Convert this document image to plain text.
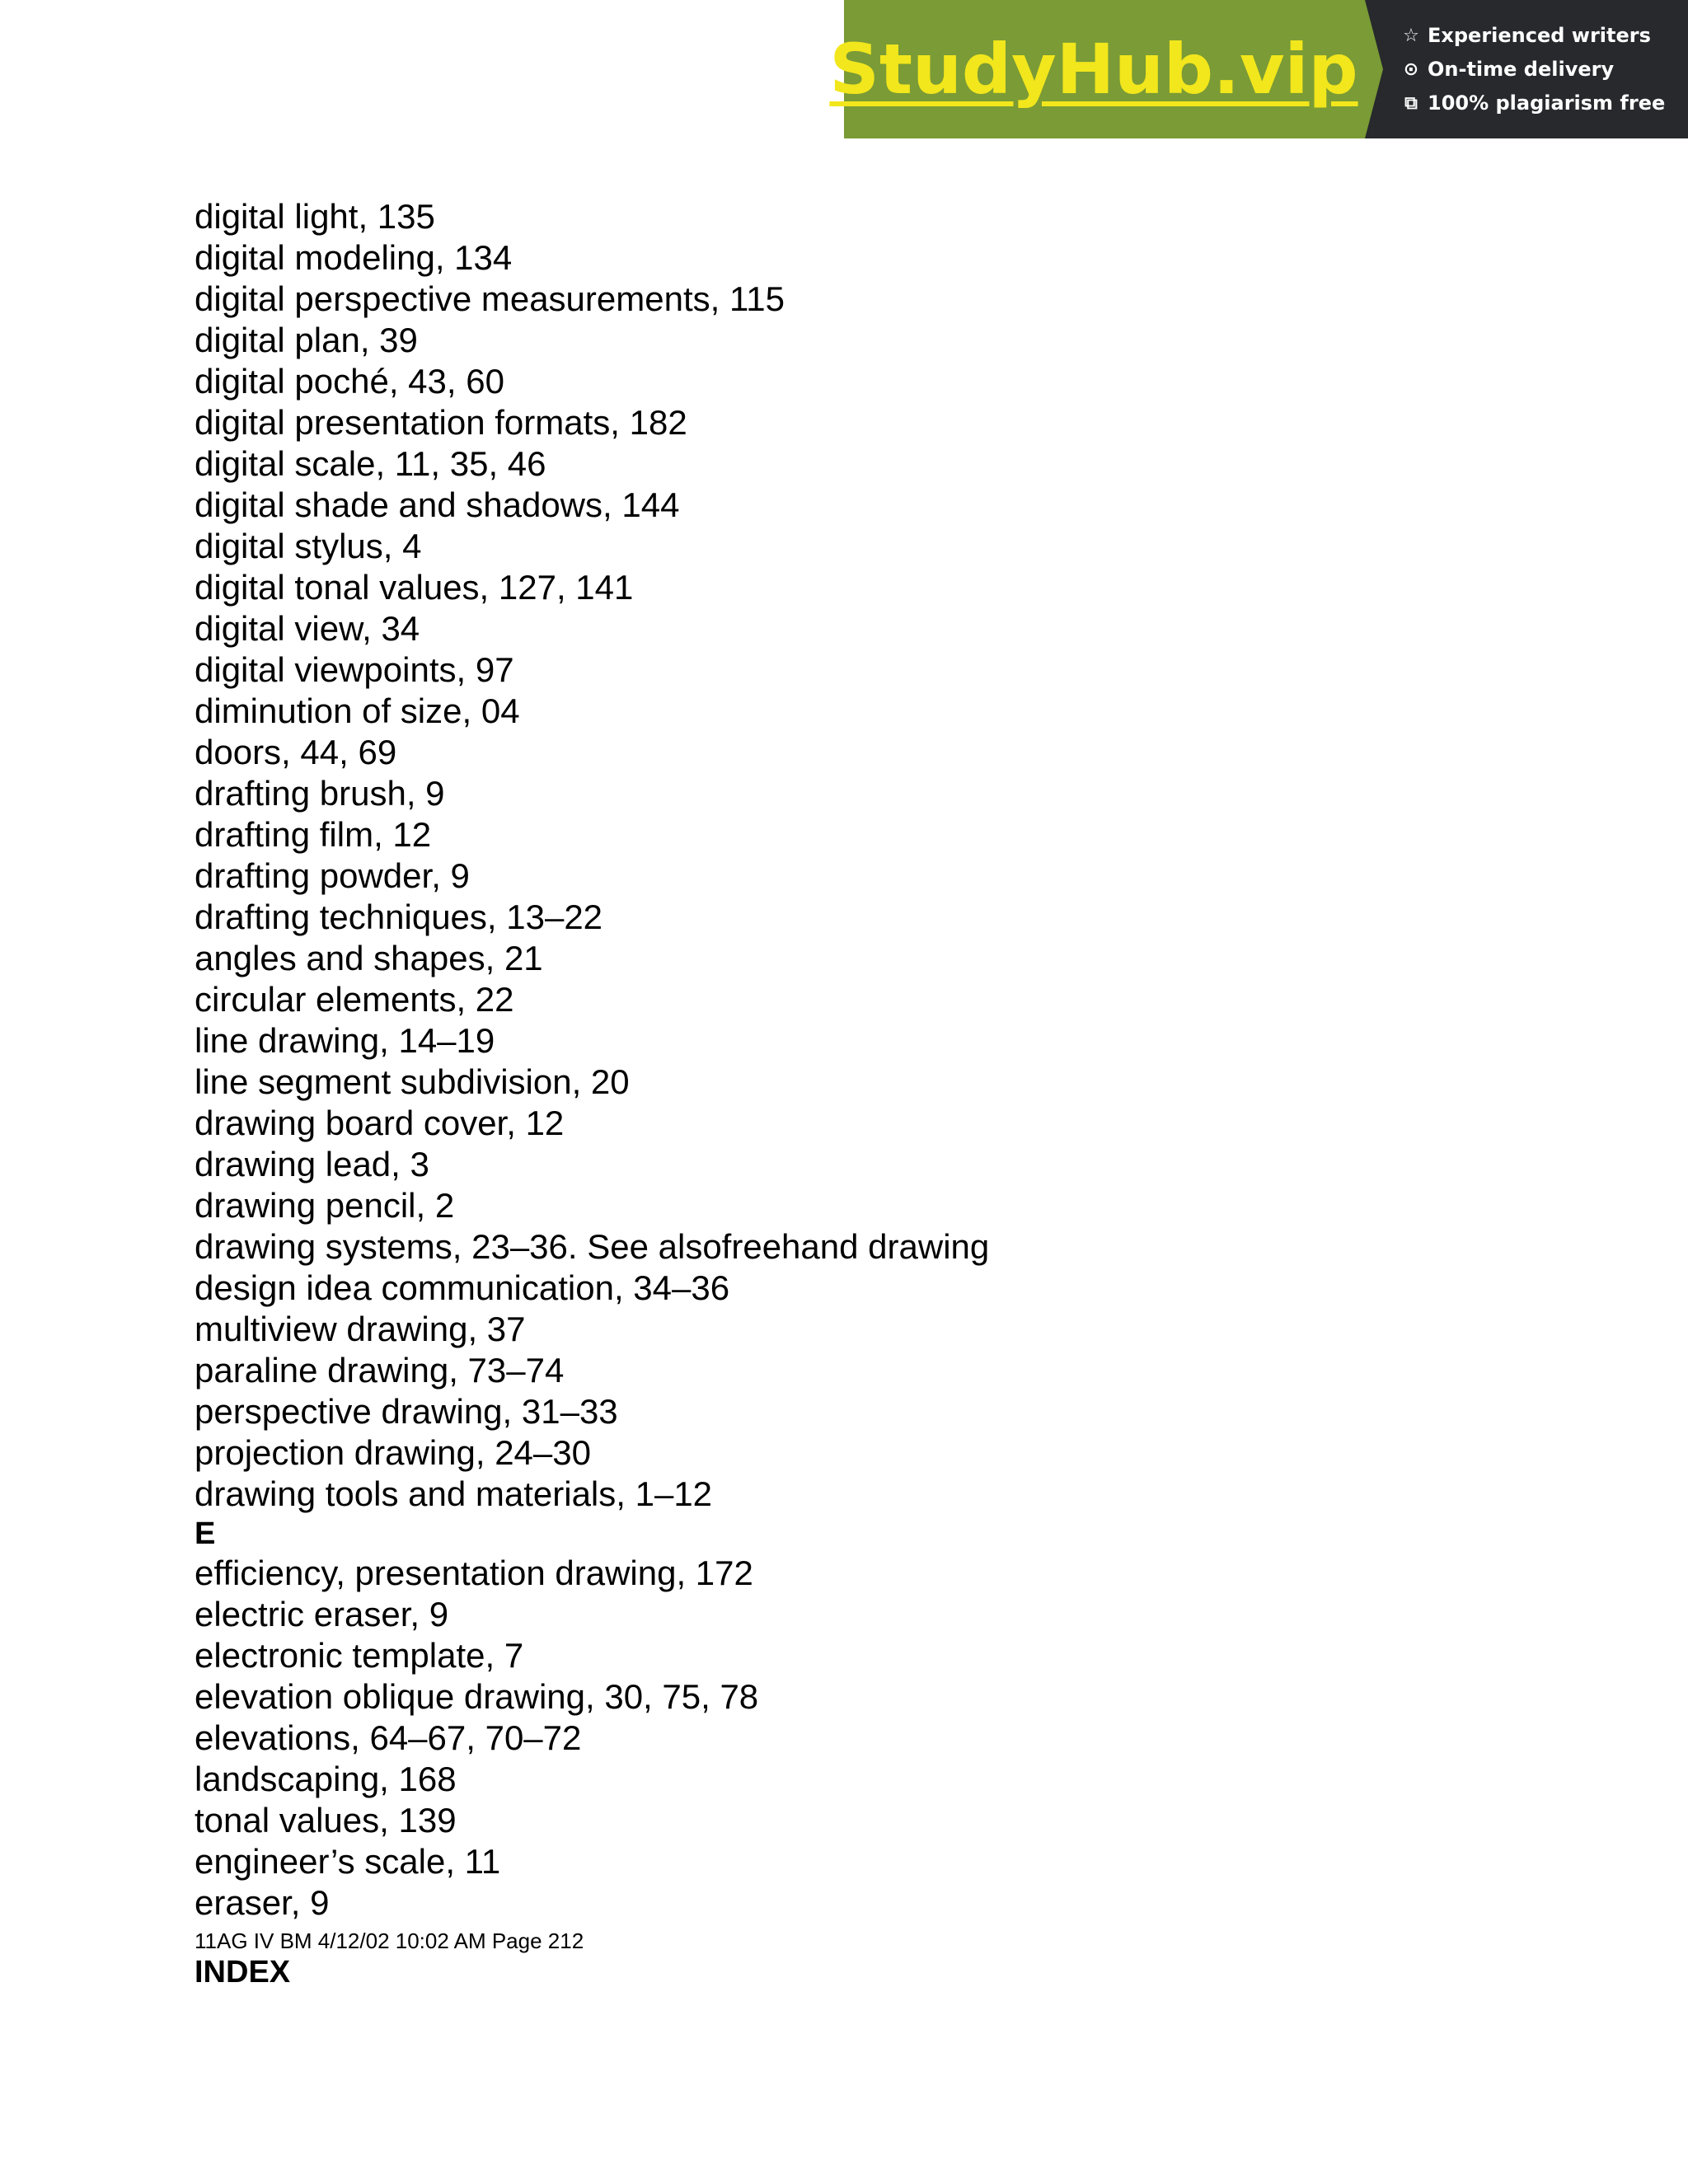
StudyHub.vip ☆ Experienced writers
⊙ On-time delivery
⧉ 100% plagiarism free
digital light, 135
digital modeling, 134
digital perspective measurements, 115
digital plan, 39
digital poché, 43, 60
digital presentation formats, 182
digital scale, 11, 35, 46
digital shade and shadows, 144
digital stylus, 4
digital tonal values, 127, 141
digital view, 34
digital viewpoints, 97
diminution of size, 04
doors, 44, 69
drafting brush, 9
drafting film, 12
drafting powder, 9
drafting techniques, 13–22
angles and shapes, 21
circular elements, 22
line drawing, 14–19
line segment subdivision, 20
drawing board cover, 12
drawing lead, 3
drawing pencil, 2
drawing systems, 23–36. See alsofreehand drawing
design idea communication, 34–36
multiview drawing, 37
paraline drawing, 73–74
perspective drawing, 31–33
projection drawing, 24–30
drawing tools and materials, 1–12
E
efficiency, presentation drawing, 172
electric eraser, 9
electronic template, 7
elevation oblique drawing, 30, 75, 78
elevations, 64–67, 70–72
landscaping, 168
tonal values, 139
engineer’s scale, 11
eraser, 9
11AG IV BM 4/12/02 10:02 AM Page 212
INDEX
